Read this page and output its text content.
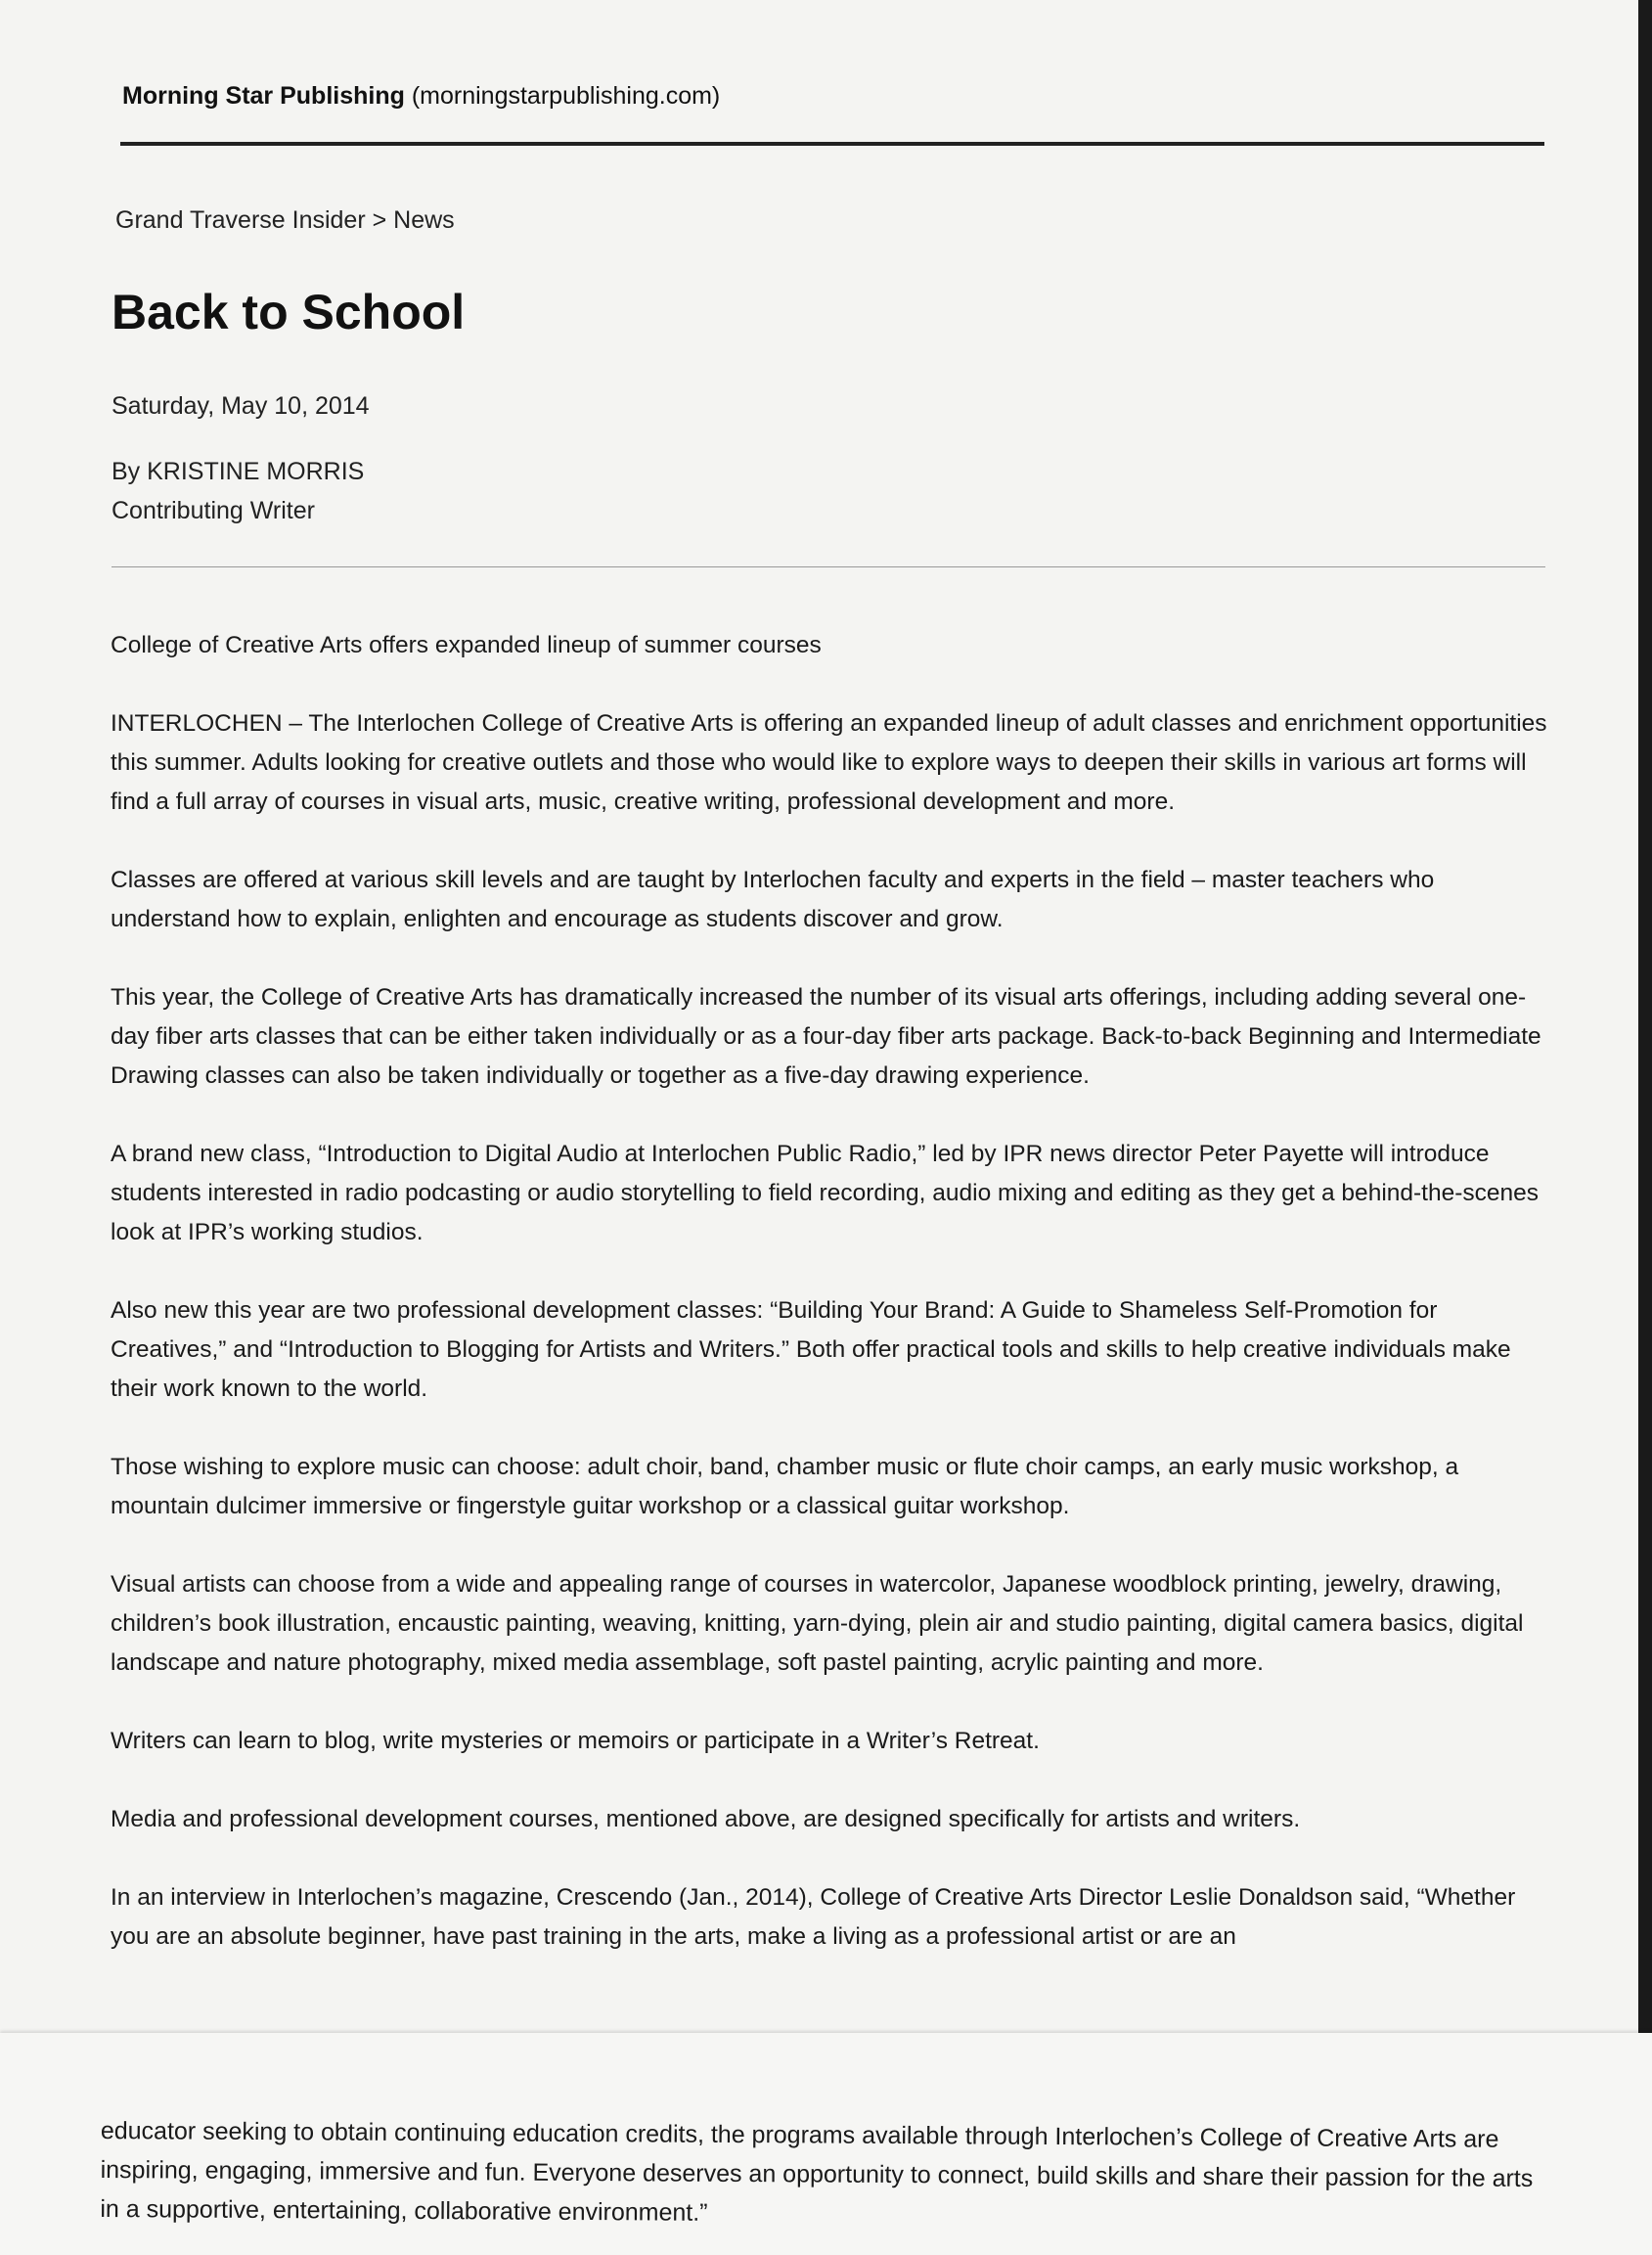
Morning Star Publishing (morningstarpublishing.com)
Grand Traverse Insider > News
Back to School
Saturday, May 10, 2014
By KRISTINE MORRIS
Contributing Writer

College of Creative Arts offers expanded lineup of summer courses

INTERLOCHEN – The Interlochen College of Creative Arts is offering an expanded lineup of adult classes and enrichment opportunities this summer. Adults looking for creative outlets and those who would like to explore ways to deepen their skills in various art forms will find a full array of courses in visual arts, music, creative writing, professional development and more.

Classes are offered at various skill levels and are taught by Interlochen faculty and experts in the field – master teachers who understand how to explain, enlighten and encourage as students discover and grow.

This year, the College of Creative Arts has dramatically increased the number of its visual arts offerings, including adding several one-day fiber arts classes that can be either taken individually or as a four-day fiber arts package. Back-to-back Beginning and Intermediate Drawing classes can also be taken individually or together as a five-day drawing experience.

A brand new class, “Introduction to Digital Audio at Interlochen Public Radio,” led by IPR news director Peter Payette will introduce students interested in radio podcasting or audio storytelling to field recording, audio mixing and editing as they get a behind-the-scenes look at IPR’s working studios.

Also new this year are two professional development classes: “Building Your Brand: A Guide to Shameless Self-Promotion for Creatives,” and “Introduction to Blogging for Artists and Writers.” Both offer practical tools and skills to help creative individuals make their work known to the world.

Those wishing to explore music can choose: adult choir, band, chamber music or flute choir camps, an early music workshop, a mountain dulcimer immersive or fingerstyle guitar workshop or a classical guitar workshop.

Visual artists can choose from a wide and appealing range of courses in watercolor, Japanese woodblock printing, jewelry, drawing, children’s book illustration, encaustic painting, weaving, knitting, yarn-dying, plein air and studio painting, digital camera basics, digital landscape and nature photography, mixed media assemblage, soft pastel painting, acrylic painting and more.

Writers can learn to blog, write mysteries or memoirs or participate in a Writer’s Retreat.

Media and professional development courses, mentioned above, are designed specifically for artists and writers.

In an interview in Interlochen’s magazine, Crescendo (Jan., 2014), College of Creative Arts Director Leslie Donaldson said, “Whether you are an absolute beginner, have past training in the arts, make a living as a professional artist or are an

educator seeking to obtain continuing education credits, the programs available through Interlochen’s College of Creative Arts are inspiring, engaging, immersive and fun. Everyone deserves an opportunity to connect, build skills and share their passion for the arts in a supportive, entertaining, collaborative environment.”
